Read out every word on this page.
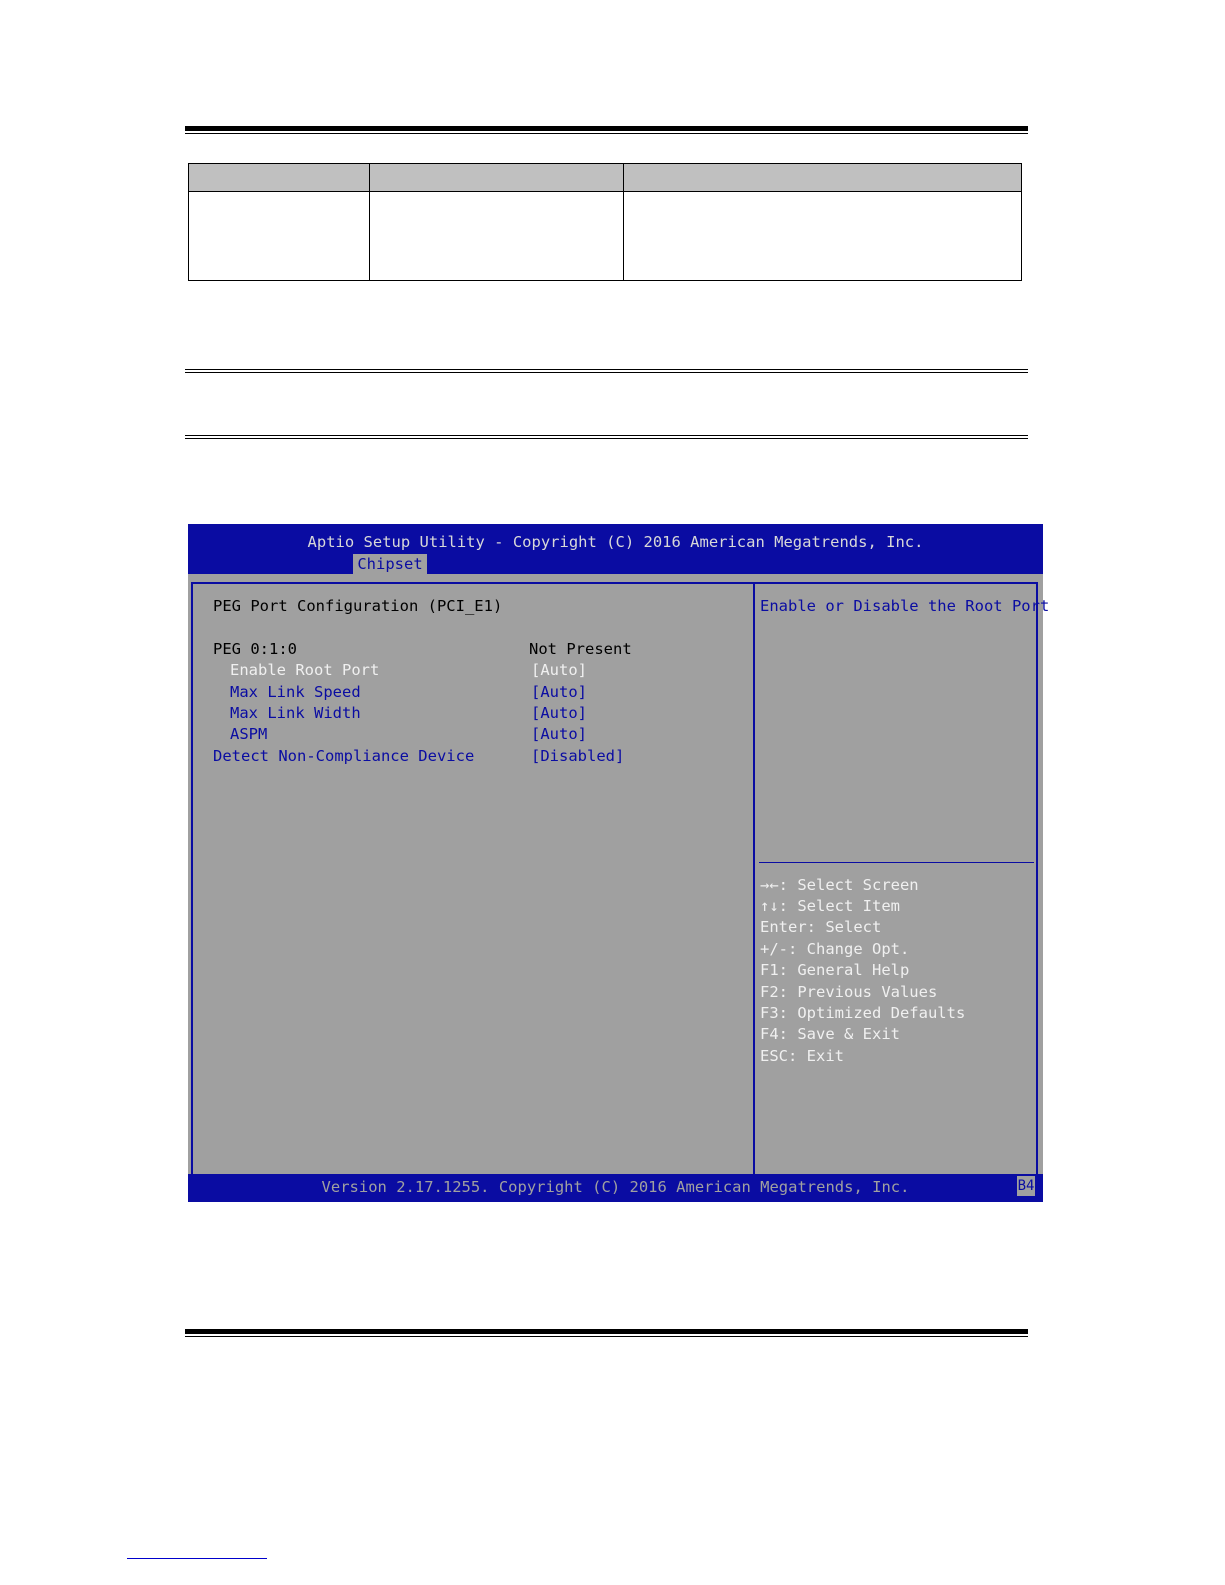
Aptio Setup Utility - Copyright (C) 2016 American Megatrends, Inc.
Chipset
PEG Port Configuration (PCI_E1)
PEG 0:1:0	Not Present
Enable Root Port	[Auto]
Max Link Speed	[Auto]
Max Link Width	[Auto]
ASPM	[Auto]
Detect Non-Compliance Device	[Disabled]
Enable or Disable the Root Port
→←: Select Screen
↑↓: Select Item
Enter: Select
+/-: Change Opt.
F1: General Help
F2: Previous Values
F3: Optimized Defaults
F4: Save & Exit
ESC: Exit
Version 2.17.1255. Copyright (C) 2016 American Megatrends, Inc.	B4
